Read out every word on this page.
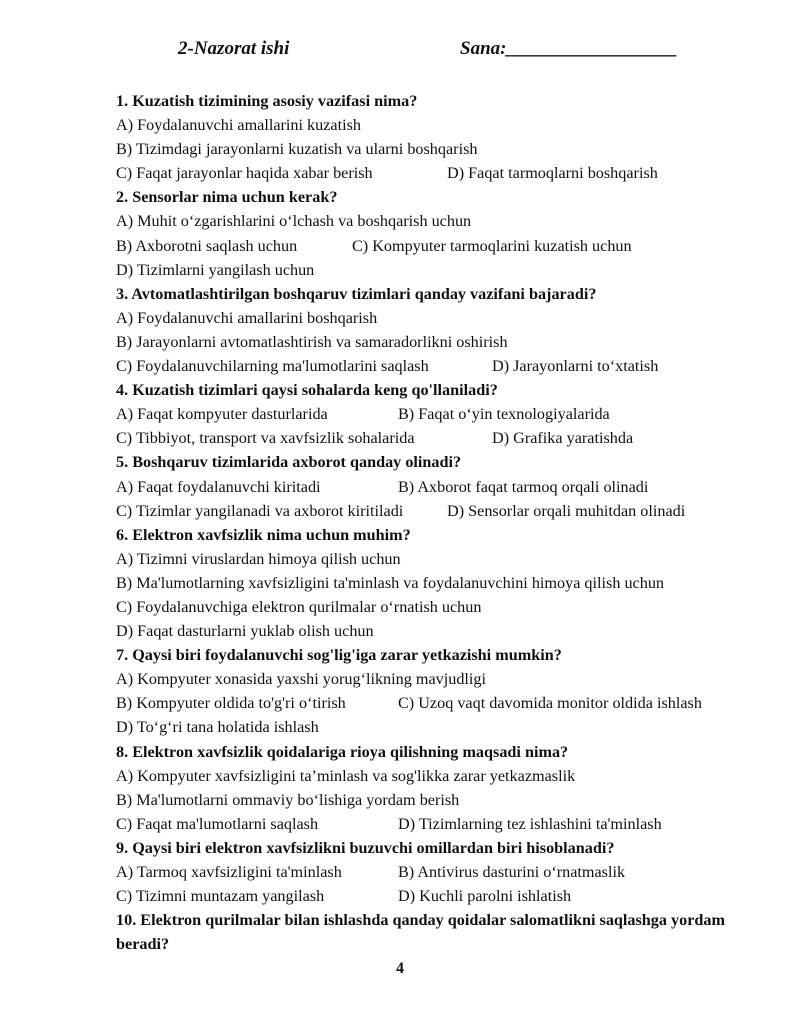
2-Nazorat ishi	Sana:__________________
1. Kuzatish tizimining asosiy vazifasi nima?
A) Foydalanuvchi amallarini kuzatish
B) Tizimdagi jarayonlarni kuzatish va ularni boshqarish
C) Faqat jarayonlar haqida xabar berish	D) Faqat tarmoqlarni boshqarish
2. Sensorlar nima uchun kerak?
A) Muhit o‘zgarishlarini o‘lchash va boshqarish uchun
B) Axborotni saqlash uchun	C) Kompyuter tarmoqlarini kuzatish uchun
D) Tizimlarni yangilash uchun
3. Avtomatlashtirilgan boshqaruv tizimlari qanday vazifani bajaradi?
A) Foydalanuvchi amallarini boshqarish
B) Jarayonlarni avtomatlashtirish va samaradorlikni oshirish
C) Foydalanuvchilarning ma'lumotlarini saqlash	D) Jarayonlarni to‘xtatish
4. Kuzatish tizimlari qaysi sohalarda keng qo'llaniladi?
A) Faqat kompyuter dasturlarida	B) Faqat o‘yin texnologiyalarida
C) Tibbiyot, transport va xavfsizlik sohalarida	D) Grafika yaratishda
5. Boshqaruv tizimlarida axborot qanday olinadi?
A) Faqat foydalanuvchi kiritadi	B) Axborot faqat tarmoq orqali olinadi
C) Tizimlar yangilanadi va axborot kiritiladi	D) Sensorlar orqali muhitdan olinadi
6. Elektron xavfsizlik nima uchun muhim?
A) Tizimni viruslardan himoya qilish uchun
B) Ma'lumotlarning xavfsizligini ta'minlash va foydalanuvchini himoya qilish uchun
C) Foydalanuvchiga elektron qurilmalar o‘rnatish uchun
D) Faqat dasturlarni yuklab olish uchun
7. Qaysi biri foydalanuvchi sog'lig'iga zarar yetkazishi mumkin?
A) Kompyuter xonasida yaxshi yorug‘likning mavjudligi
B) Kompyuter oldida to'g'ri o‘tirish	C) Uzoq vaqt davomida monitor oldida ishlash
D) To‘g‘ri tana holatida ishlash
8. Elektron xavfsizlik qoidalariga rioya qilishning maqsadi nima?
A) Kompyuter xavfsizligini ta’minlash va sog'likka zarar yetkazmaslik
B) Ma'lumotlarni ommaviy bo‘lishiga yordam berish
C) Faqat ma'lumotlarni saqlash	D) Tizimlarning tez ishlashini ta'minlash
9. Qaysi biri elektron xavfsizlikni buzuvchi omillardan biri hisoblanadi?
A) Tarmoq xavfsizligini ta'minlash	B) Antivirus dasturini o‘rnatmaslik
C) Tizimni muntazam yangilash	D) Kuchli parolni ishlatish
10. Elektron qurilmalar bilan ishlashda qanday qoidalar salomatlikni saqlashga yordam beradi?
4
